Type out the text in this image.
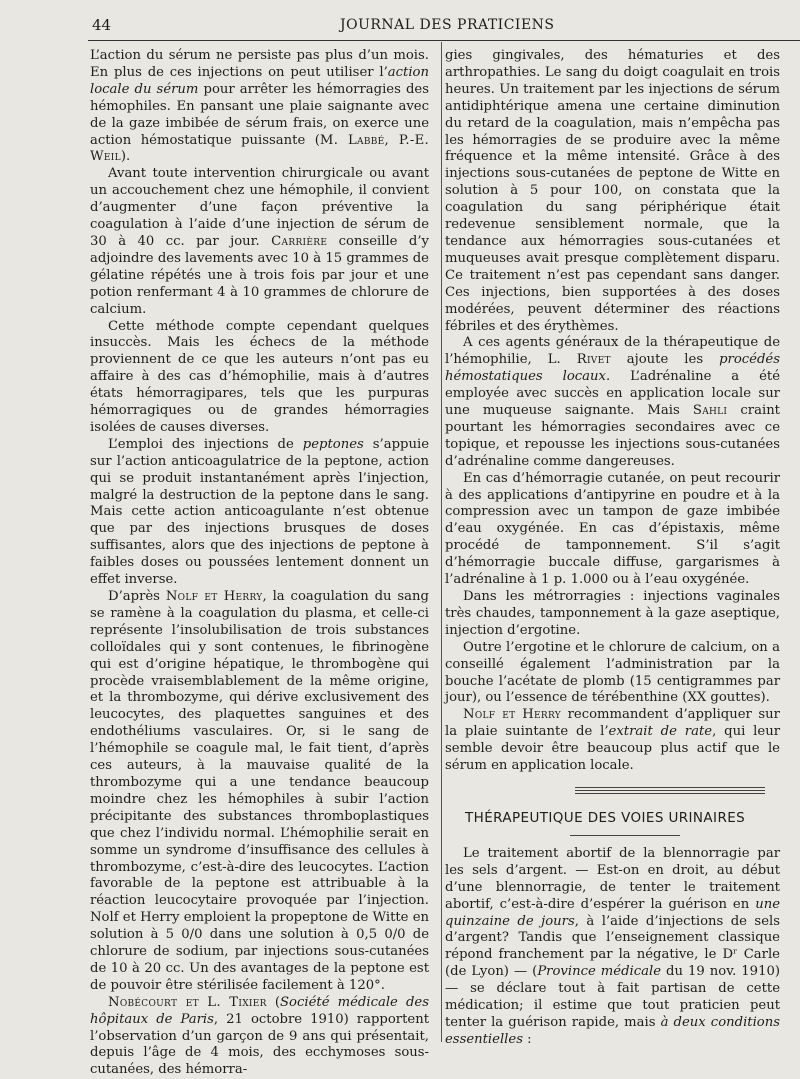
44	JOURNAL DES PRATICIENS

L’action du sérum ne persiste pas plus d’un mois. En plus de ces injections on peut utiliser l’action locale du sérum pour arrêter les hémorragies des hémophiles. En pansant une plaie saignante avec de la gaze imbibée de sérum frais, on exerce une action hémostatique puissante (M. Labbé, P.-E. Weil).

Avant toute intervention chirurgicale ou avant un accouchement chez une hémophile, il convient d’augmenter d’une façon préventive la coagulation à l’aide d’une injection de sérum de 30 à 40 cc. par jour. Carrière conseille d’y adjoindre des lavements avec 10 à 15 grammes de gélatine répétés une à trois fois par jour et une potion renfermant 4 à 10 grammes de chlorure de calcium.

Cette méthode compte cependant quelques insuccès. Mais les échecs de la méthode proviennent de ce que les auteurs n’ont pas eu affaire à des cas d’hémophilie, mais à d’autres états hémorragipares, tels que les purpuras hémorragiques ou de grandes hémorragies isolées de causes diverses.

L’emploi des injections de peptones s’appuie sur l’action anticoagulatrice de la peptone, action qui se produit instantanément après l’injection, malgré la destruction de la peptone dans le sang. Mais cette action anticoagulante n’est obtenue que par des injections brusques de doses suffisantes, alors que des injections de peptone à faibles doses ou poussées lentement donnent un effet inverse.

D’après Nolf et Herry, la coagulation du sang se ramène à la coagulation du plasma, et celle-ci représente l’insolubilisation de trois substances colloïdales qui y sont contenues, le fibrinogène qui est d’origine hépatique, le thrombogène qui procède vraisemblablement de la même origine, et la thrombozyme, qui dérive exclusivement des leucocytes, des plaquettes sanguines et des endothéliums vasculaires. Or, si le sang de l’hémophile se coagule mal, le fait tient, d’après ces auteurs, à la mauvaise qualité de la thrombozyme qui a une tendance beaucoup moindre chez les hémophiles à subir l’action précipitante des substances thromboplastiques que chez l’individu normal. L’hémophilie serait en somme un syndrome d’insuffisance des cellules à thrombozyme, c’est-à-dire des leucocytes. L’action favorable de la peptone est attribuable à la réaction leucocytaire provoquée par l’injection. Nolf et Herry emploient la propeptone de Witte en solution à 5 0/0 dans une solution à 0,5 0/0 de chlorure de sodium, par injections sous-cutanées de 10 à 20 cc. Un des avantages de la peptone est de pouvoir être stérilisée facilement à 120°.

Nobécourt et L. Tixier (Société médicale des hôpitaux de Paris, 21 octobre 1910) rapportent l’observation d’un garçon de 9 ans qui présentait, depuis l’âge de 4 mois, des ecchymoses sous-cutanées, des hémorra-

gies gingivales, des hématuries et des arthropathies. Le sang du doigt coagulait en trois heures. Un traitement par les injections de sérum antidiphtérique amena une certaine diminution du retard de la coagulation, mais n’empêcha pas les hémorragies de se produire avec la même fréquence et la même intensité. Grâce à des injections sous-cutanées de peptone de Witte en solution à 5 pour 100, on constata que la coagulation du sang périphérique était redevenue sensiblement normale, que la tendance aux hémorragies sous-cutanées et muqueuses avait presque complètement disparu. Ce traitement n’est pas cependant sans danger. Ces injections, bien supportées à des doses modérées, peuvent déterminer des réactions fébriles et des érythèmes.

A ces agents généraux de la thérapeutique de l’hémophilie, L. Rivet ajoute les procédés hémostatiques locaux. L’adrénaline a été employée avec succès en application locale sur une muqueuse saignante. Mais Sahli craint pourtant les hémorragies secondaires avec ce topique, et repousse les injections sous-cutanées d’adrénaline comme dangereuses.

En cas d’hémorragie cutanée, on peut recourir à des applications d’antipyrine en poudre et à la compression avec un tampon de gaze imbibée d’eau oxygénée. En cas d’épistaxis, même procédé de tamponnement. S’il s’agit d’hémorragie buccale diffuse, gargarismes à l’adrénaline à 1 p. 1.000 ou à l’eau oxygénée.

Dans les métrorragies : injections vaginales très chaudes, tamponnement à la gaze aseptique, injection d’ergotine.

Outre l’ergotine et le chlorure de calcium, on a conseillé également l’administration par la bouche l’acétate de plomb (15 centigrammes par jour), ou l’essence de térébenthine (XX gouttes).

Nolf et Herry recommandent d’appliquer sur la plaie suintante de l’extrait de rate, qui leur semble devoir être beaucoup plus actif que le sérum en application locale.

THÉRAPEUTIQUE DES VOIES URINAIRES

Le traitement abortif de la blennorragie par les sels d’argent. — Est-on en droit, au début d’une blennorragie, de tenter le traitement abortif, c’est-à-dire d’espérer la guérison en une quinzaine de jours, à l’aide d’injections de sels d’argent? Tandis que l’enseignement classique répond franchement par la négative, le Dʳ Carle (de Lyon) — (Province médicale du 19 nov. 1910) — se déclare tout à fait partisan de cette médication; il estime que tout praticien peut tenter la guérison rapide, mais à deux conditions essentielles :
